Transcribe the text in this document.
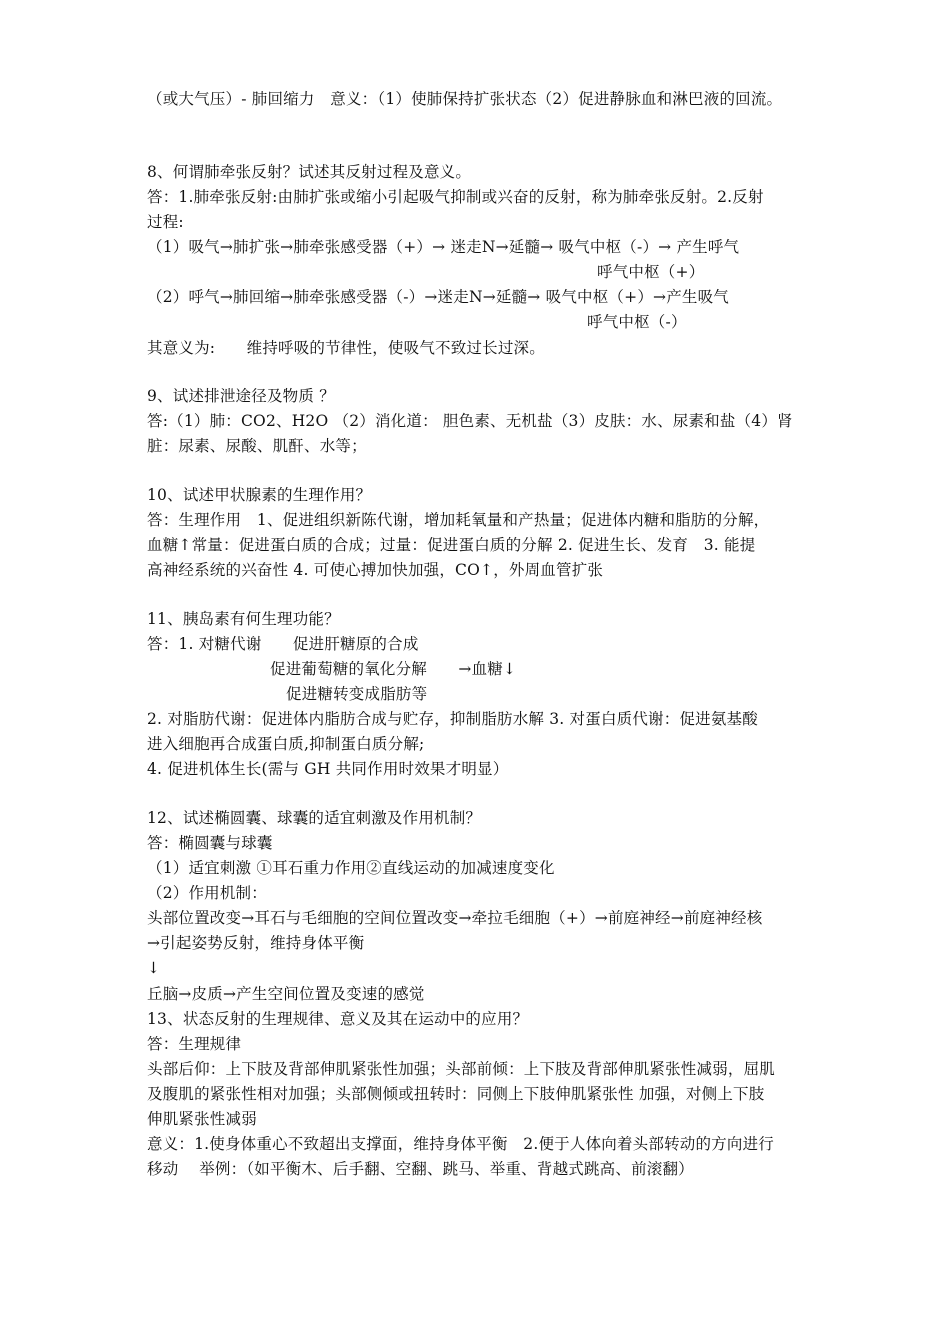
（或大气压）- 肺回缩力　意义：（1）使肺保持扩张状态（2）促进静脉血和淋巴液的回流。
8、何谓肺牵张反射？试述其反射过程及意义。
答：1.肺牵张反射:由肺扩张或缩小引起吸气抑制或兴奋的反射，称为肺牵张反射。2.反射
过程:
（1）吸气→肺扩张→肺牵张感受器（+）→ 迷走N→延髓→ 吸气中枢（-）→ 产生呼气
呼气中枢（+）
（2）呼气→肺回缩→肺牵张感受器（-）→迷走N→延髓→ 吸气中枢（+）→产生吸气
呼气中枢（-）
其意义为:　　维持呼吸的节律性，使吸气不致过长过深。
9、试述排泄途径及物质 ？
答:（1）肺：CO2、H2O （2）消化道： 胆色素、无机盐（3）皮肤：水、尿素和盐（4）肾
脏：尿素、尿酸、肌酐、水等；
10、试述甲状腺素的生理作用？
答：生理作用　1、促进组织新陈代谢，增加耗氧量和产热量；促进体内糖和脂肪的分解，
血糖↑常量：促进蛋白质的合成；过量：促进蛋白质的分解 2. 促进生长、发育　3. 能提
高神经系统的兴奋性 4. 可使心搏加快加强，CO↑，外周血管扩张
11、胰岛素有何生理功能？
答：1. 对糖代谢　　促进肝糖原的合成
促进葡萄糖的氧化分解　　→血糖↓
促进糖转变成脂肪等
2. 对脂肪代谢：促进体内脂肪合成与贮存，抑制脂肪水解 3. 对蛋白质代谢：促进氨基酸
进入细胞再合成蛋白质,抑制蛋白质分解;
4. 促进机体生长(需与 GH 共同作用时效果才明显）
12、试述椭圆囊、球囊的适宜刺激及作用机制？
答：椭圆囊与球囊
（1）适宜刺激 ①耳石重力作用②直线运动的加减速度变化
（2）作用机制：
头部位置改变→耳石与毛细胞的空间位置改变→牵拉毛细胞（+）→前庭神经→前庭神经核
→引起姿势反射，维持身体平衡
↓
丘脑→皮质→产生空间位置及变速的感觉
13、状态反射的生理规律、意义及其在运动中的应用？
答：生理规律
头部后仰：上下肢及背部伸肌紧张性加强；头部前倾：上下肢及背部伸肌紧张性减弱，屈肌
及腹肌的紧张性相对加强；头部侧倾或扭转时：同侧上下肢伸肌紧张性 加强，对侧上下肢
伸肌紧张性减弱
意义：1.使身体重心不致超出支撑面，维持身体平衡　2.便于人体向着头部转动的方向进行
移动　 举例：（如平衡木、后手翻、空翻、跳马、举重、背越式跳高、前滚翻）
